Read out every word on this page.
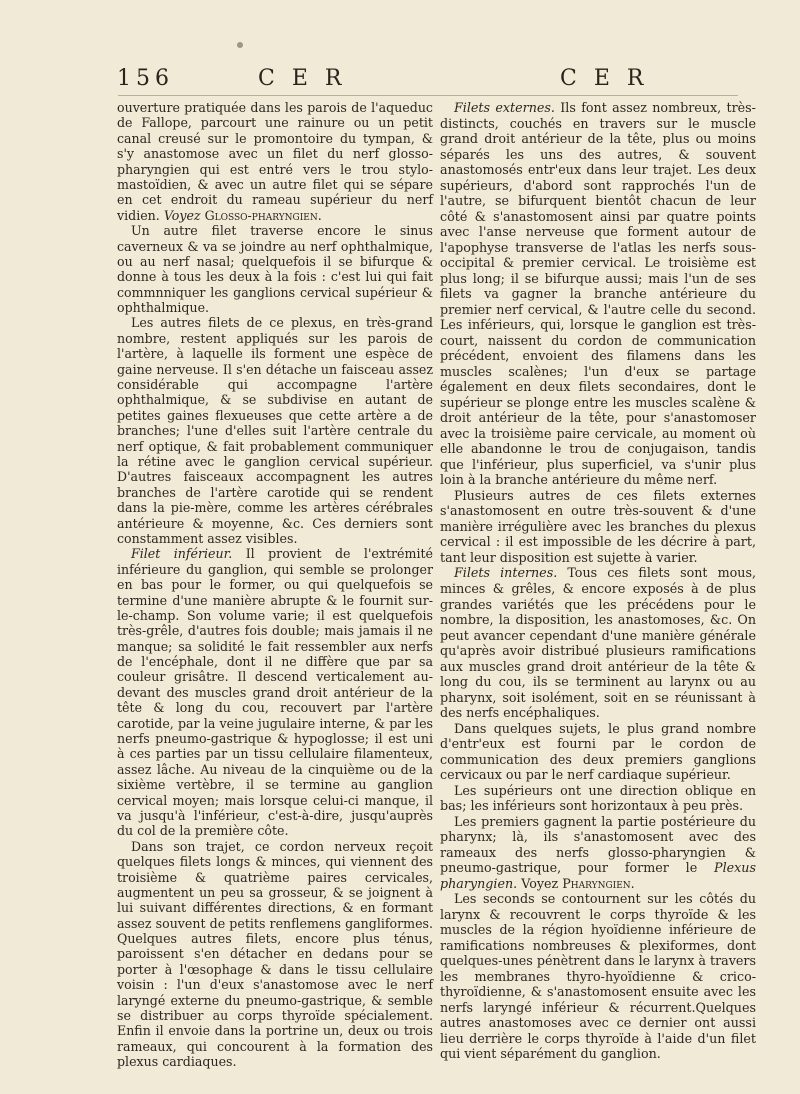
156	C E R	C E R

ouverture pratiquée dans les parois de l'aqueduc de Fallope, parcourt une rainure ou un petit canal creusé sur le promontoire du tympan, & s'y anastomose avec un filet du nerf glosso-pharyngien qui est entré vers le trou stylo-mastoïdien, & avec un autre filet qui se sépare en cet endroit du rameau supérieur du nerf vidien. Voyez Glosso-pharyngien.

Un autre filet traverse encore le sinus caverneux & va se joindre au nerf ophthalmique, ou au nerf nasal; quelquefois il se bifurque & donne à tous les deux à la fois : c'est lui qui fait commnniquer les ganglions cervical supérieur & ophthalmique.

Les autres filets de ce plexus, en très-grand nombre, restent appliqués sur les parois de l'artère, à laquelle ils forment une espèce de gaine nerveuse. Il s'en détache un faisceau assez considérable qui accompagne l'artère ophthalmique, & se subdivise en autant de petites gaines flexueuses que cette artère a de branches; l'une d'elles suit l'artère centrale du nerf optique, & fait probablement communiquer la rétine avec le ganglion cervical supérieur. D'autres faisceaux accompagnent les autres branches de l'artère carotide qui se rendent dans la pie-mère, comme les artères cérébrales antérieure & moyenne, &c. Ces derniers sont constamment assez visibles.

Filet inférieur. Il provient de l'extrémité inférieure du ganglion, qui semble se prolonger en bas pour le former, ou qui quelquefois se termine d'une manière abrupte & le fournit sur-le-champ. Son volume varie; il est quelquefois très-grêle, d'autres fois double; mais jamais il ne manque; sa solidité le fait ressembler aux nerfs de l'encéphale, dont il ne diffère que par sa couleur grisâtre. Il descend verticalement au-devant des muscles grand droit antérieur de la tête & long du cou, recouvert par l'artère carotide, par la veine jugulaire interne, & par les nerfs pneumo-gastrique & hypoglosse; il est uni à ces parties par un tissu cellulaire filamenteux, assez lâche. Au niveau de la cinquième ou de la sixième vertèbre, il se termine au ganglion cervical moyen; mais lorsque celui-ci manque, il va jusqu'à l'inférieur, c'est-à-dire, jusqu'auprès du col de la première côte.

Dans son trajet, ce cordon nerveux reçoit quelques filets longs & minces, qui viennent des troisième & quatrième paires cervicales, augmentent un peu sa grosseur, & se joignent à lui suivant différentes directions, & en formant assez souvent de petits renflemens gangliformes. Quelques autres filets, encore plus ténus, paroissent s'en détacher en dedans pour se porter à l'œsophage & dans le tissu cellulaire voisin : l'un d'eux s'anastomose avec le nerf laryngé externe du pneumo-gastrique, & semble se distribuer au corps thyroïde spécialement. Enfin il envoie dans la portrine un, deux ou trois rameaux, qui concourent à la formation des plexus cardiaques.

Filets externes. Ils font assez nombreux, très-distincts, couchés en travers sur le muscle grand droit antérieur de la tête, plus ou moins séparés les uns des autres, & souvent anastomosés entr'eux dans leur trajet. Les deux supérieurs, d'abord sont rapprochés l'un de l'autre, se bifurquent bientôt chacun de leur côté & s'anastomosent ainsi par quatre points avec l'anse nerveuse que forment autour de l'apophyse transverse de l'atlas les nerfs sous-occipital & premier cervical. Le troisième est plus long; il se bifurque aussi; mais l'un de ses filets va gagner la branche antérieure du premier nerf cervical, & l'autre celle du second. Les inférieurs, qui, lorsque le ganglion est très-court, naissent du cordon de communication précédent, envoient des filamens dans les muscles scalènes; l'un d'eux se partage également en deux filets secondaires, dont le supérieur se plonge entre les muscles scalène & droit antérieur de la tête, pour s'anastomoser avec la troisième paire cervicale, au moment où elle abandonne le trou de conjugaison, tandis que l'inférieur, plus superficiel, va s'unir plus loin à la branche antérieure du même nerf.

Plusieurs autres de ces filets externes s'anastomosent en outre très-souvent & d'une manière irrégulière avec les branches du plexus cervical : il est impossible de les décrire à part, tant leur disposition est sujette à varier.

Filets internes. Tous ces filets sont mous, minces & grêles, & encore exposés à de plus grandes variétés que les précédens pour le nombre, la disposition, les anastomoses, &c. On peut avancer cependant d'une manière générale qu'après avoir distribué plusieurs ramifications aux muscles grand droit antérieur de la tête & long du cou, ils se terminent au larynx ou au pharynx, soit isolément, soit en se réunissant à des nerfs encéphaliques.

Dans quelques sujets, le plus grand nombre d'entr'eux est fourni par le cordon de communication des deux premiers ganglions cervicaux ou par le nerf cardiaque supérieur.

Les supérieurs ont une direction oblique en bas; les inférieurs sont horizontaux à peu près.

Les premiers gagnent la partie postérieure du pharynx; là, ils s'anastomosent avec des rameaux des nerfs glosso-pharyngien & pneumo-gastrique, pour former le Plexus pharyngien. Voyez Pharyngien.

Les seconds se contournent sur les côtés du larynx & recouvrent le corps thyroïde & les muscles de la région hyoïdienne inférieure de ramifications nombreuses & plexiformes, dont quelques-unes pénètrent dans le larynx à travers les membranes thyro-hyoïdienne & crico-thyroïdienne, & s'anastomosent ensuite avec les nerfs laryngé inférieur & récurrent.Quelques autres anastomoses avec ce dernier ont aussi lieu derrière le corps thyroïde à l'aide d'un filet qui vient séparément du ganglion.
